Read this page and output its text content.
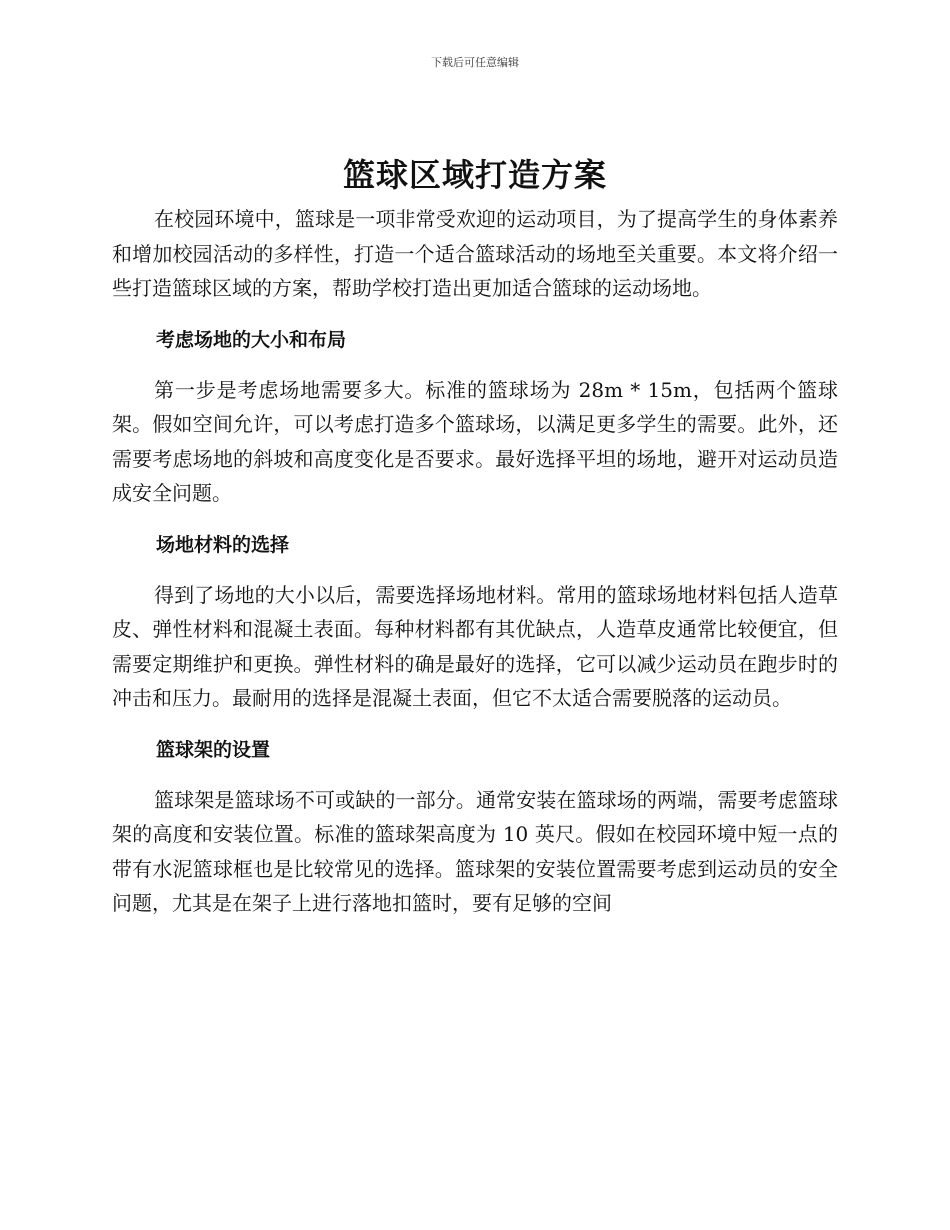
下载后可任意编辑
篮球区域打造方案

在校园环境中，篮球是一项非常受欢迎的运动项目，为了提高学生的身体素养和增加校园活动的多样性，打造一个适合篮球活动的场地至关重要。本文将介绍一些打造篮球区域的方案，帮助学校打造出更加适合篮球的运动场地。

考虑场地的大小和布局

第一步是考虑场地需要多大。标准的篮球场为 28m * 15m，包括两个篮球架。假如空间允许，可以考虑打造多个篮球场，以满足更多学生的需要。此外，还需要考虑场地的斜坡和高度变化是否要求。最好选择平坦的场地，避开对运动员造成安全问题。

场地材料的选择

得到了场地的大小以后，需要选择场地材料。常用的篮球场地材料包括人造草皮、弹性材料和混凝土表面。每种材料都有其优缺点，人造草皮通常比较便宜，但需要定期维护和更换。弹性材料的确是最好的选择，它可以减少运动员在跑步时的冲击和压力。最耐用的选择是混凝土表面，但它不太适合需要脱落的运动员。

篮球架的设置

篮球架是篮球场不可或缺的一部分。通常安装在篮球场的两端，需要考虑篮球架的高度和安装位置。标准的篮球架高度为 10 英尺。假如在校园环境中短一点的带有水泥篮球框也是比较常见的选择。篮球架的安装位置需要考虑到运动员的安全问题，尤其是在架子上进行落地扣篮时，要有足够的空间
